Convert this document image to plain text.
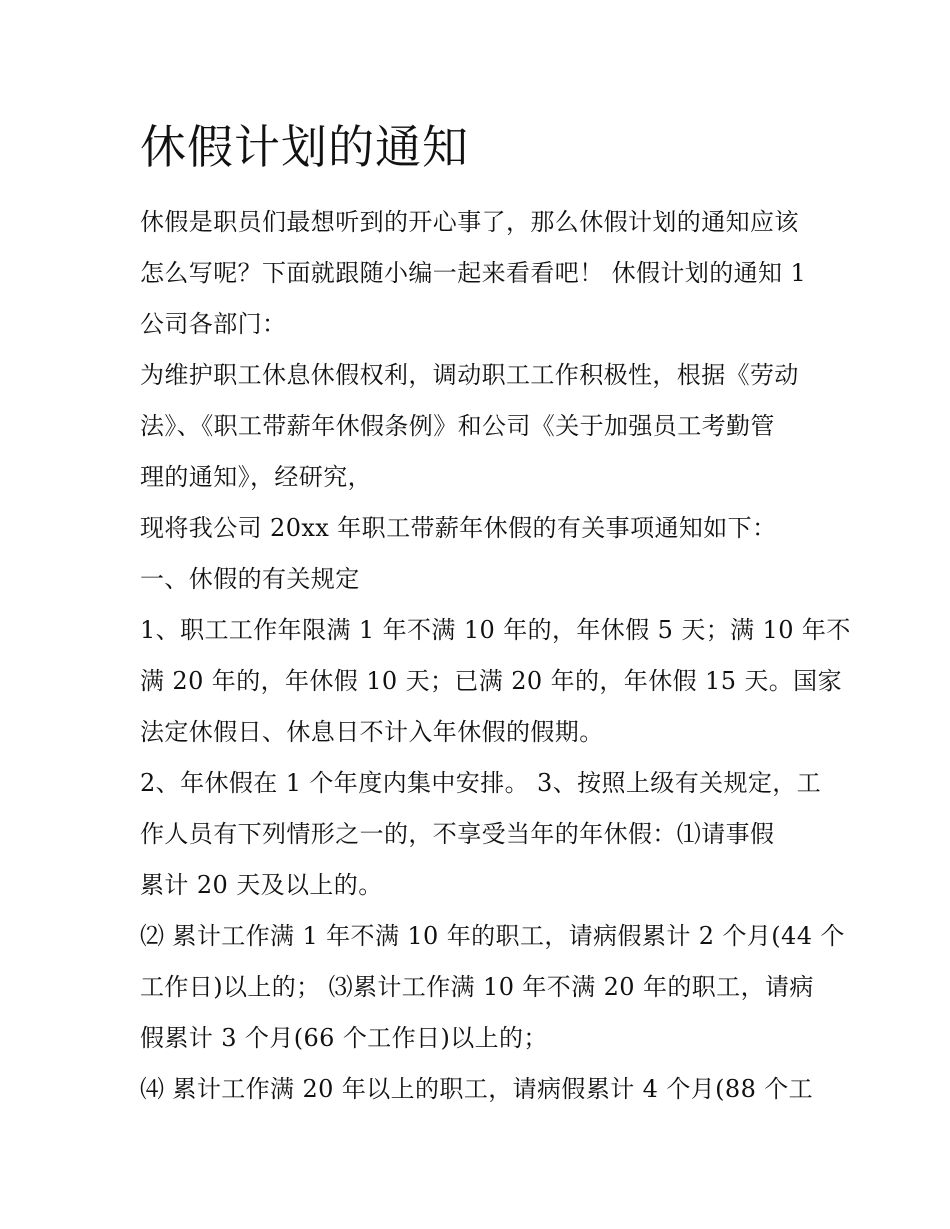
休假计划的通知

休假是职员们最想听到的开心事了，那么休假计划的通知应该

怎么写呢？下面就跟随小编一起来看看吧！ 休假计划的通知 1

公司各部门：

为维护职工休息休假权利，调动职工工作积极性，根据《劳动

法》、《职工带薪年休假条例》和公司《关于加强员工考勤管

理的通知》，经研究，

现将我公司 20xx 年职工带薪年休假的有关事项通知如下：

一、休假的有关规定

1、职工工作年限满 1 年不满 10 年的，年休假 5 天；满 10 年不

满 20 年的，年休假 10 天；已满 20 年的，年休假 15 天。国家

法定休假日、休息日不计入年休假的假期。

2、年休假在 1 个年度内集中安排。 3、按照上级有关规定，工

作人员有下列情形之一的，不享受当年的年休假：⑴请事假

累计 20 天及以上的。

⑵ 累计工作满 1 年不满 10 年的职工，请病假累计 2 个月(44 个

工作日)以上的； ⑶累计工作满 10 年不满 20 年的职工，请病

假累计 3 个月(66 个工作日)以上的；

⑷ 累计工作满 20 年以上的职工，请病假累计 4 个月(88 个工
